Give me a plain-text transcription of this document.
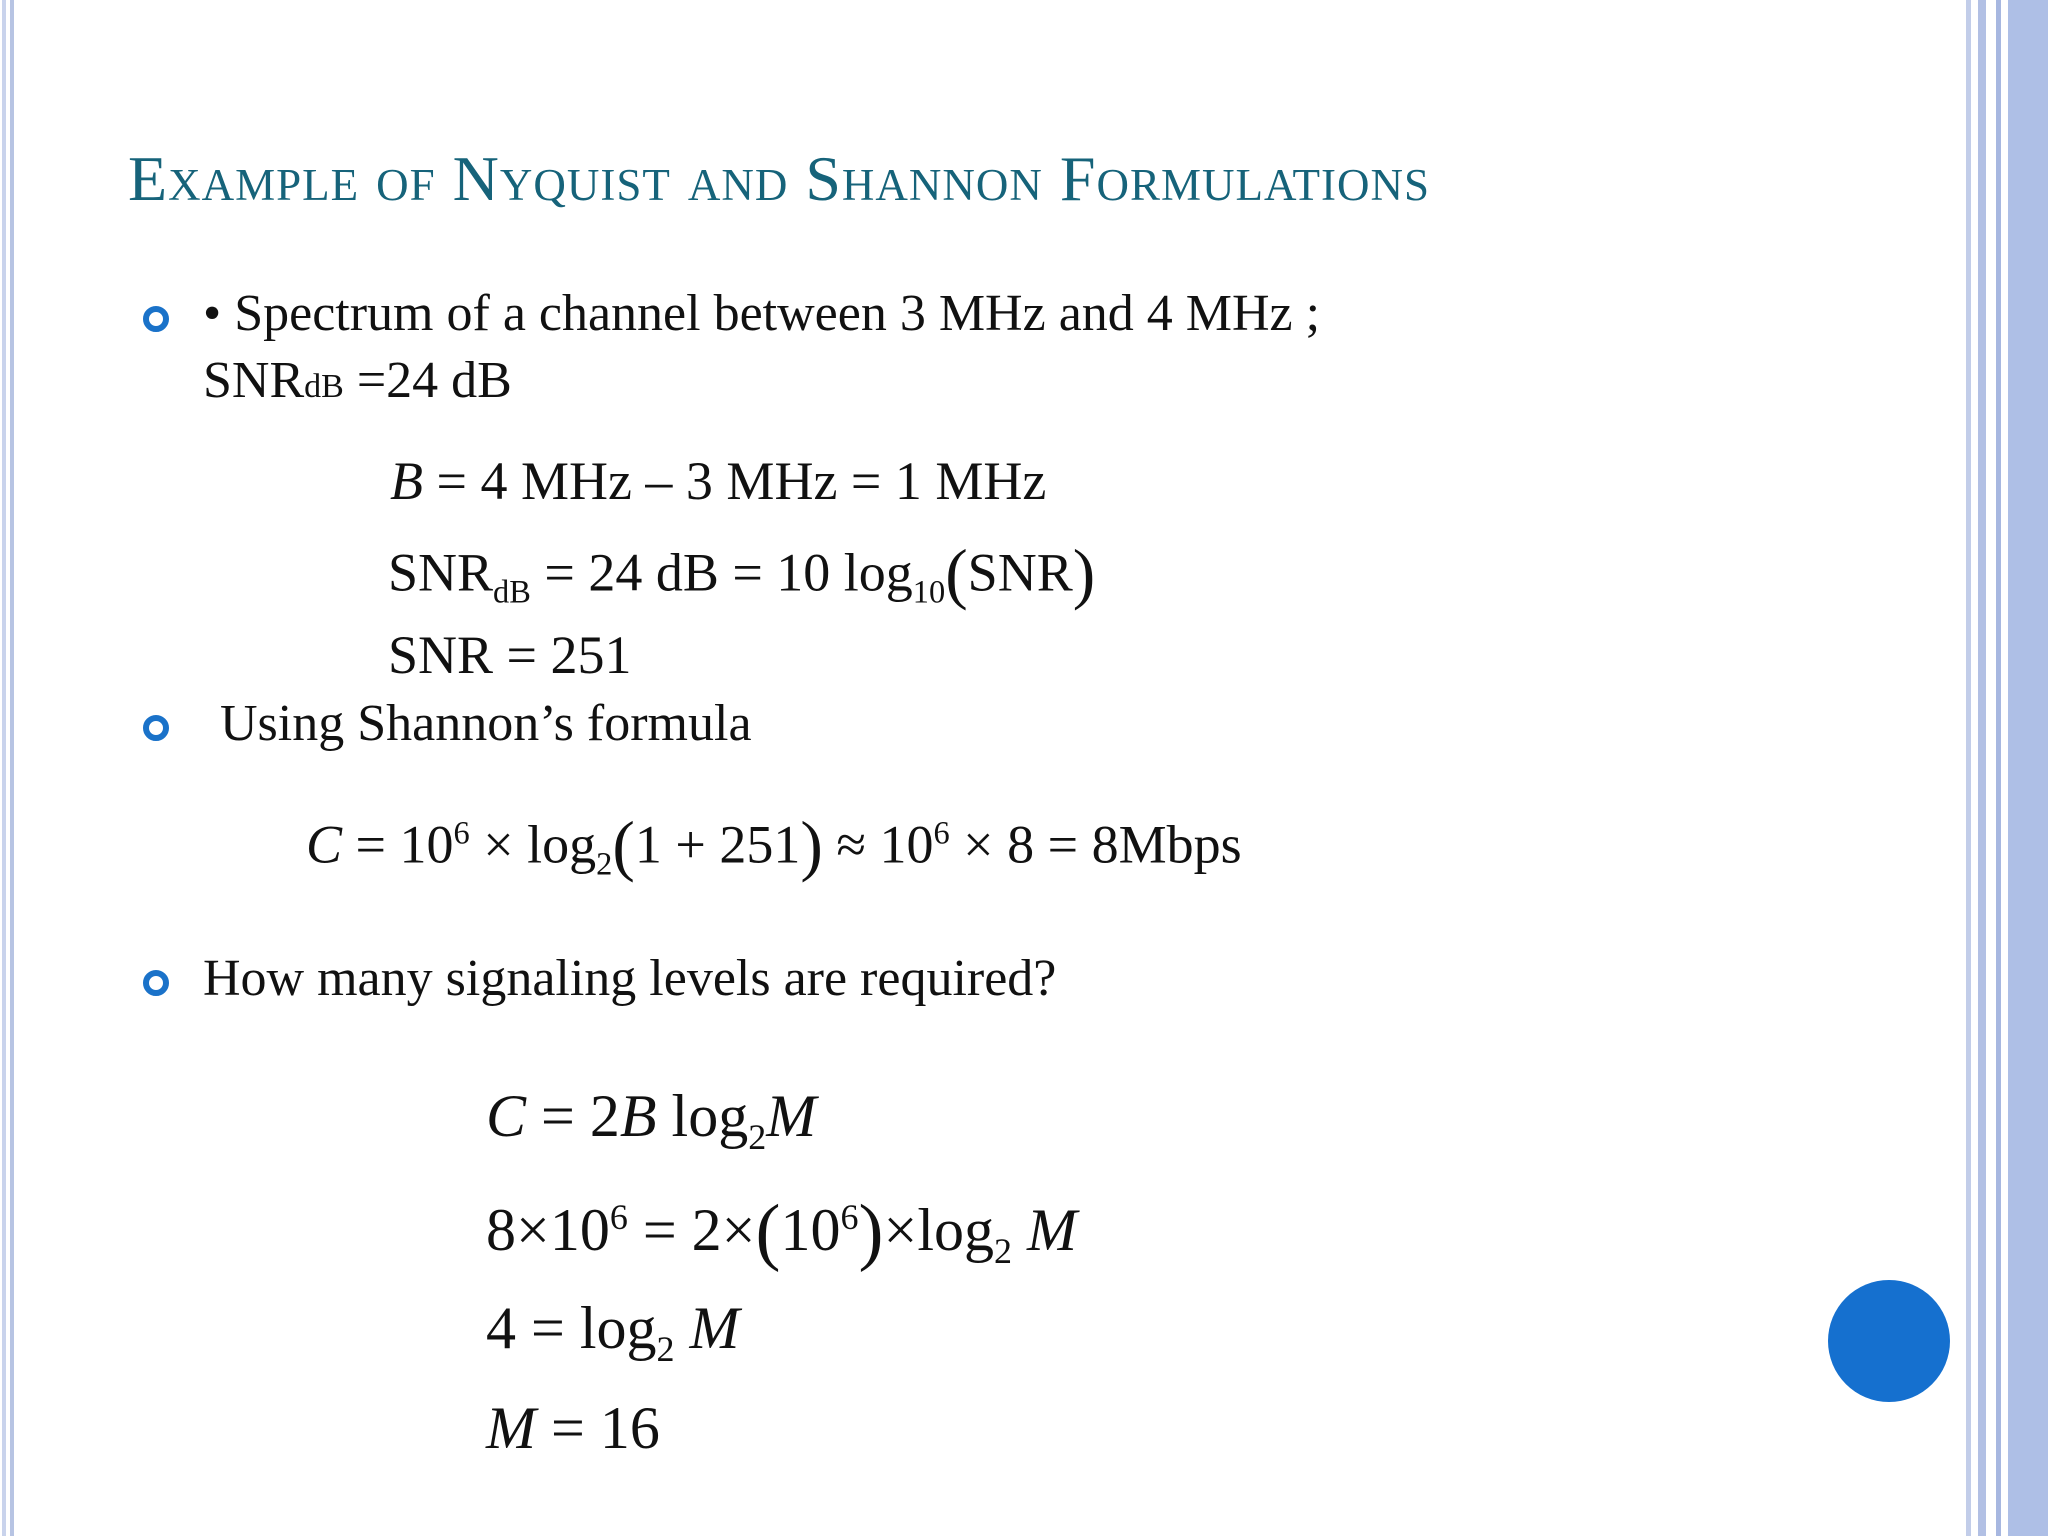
Example of Nyquist and Shannon Formulations
• Spectrum of a channel between 3 MHz and 4 MHz ;
SNRdB =24 dB
B = 4 MHz – 3 MHz = 1 MHz
$SNR_{dB} = 24$ dB = 10 $\log_{10}(SNR)$
SNR = 251
Using Shannon’s formula
$C = 10^6 \times \log_2(1 + 251) \approx 10^6 \times 8$ = 8Mbps
How many signaling levels are required?
C = 2B $\log_2M$
$8\times 10^6 = 2\times(10^6)\times\log_2$ M
$4 = \log_2 M$
M = 16
